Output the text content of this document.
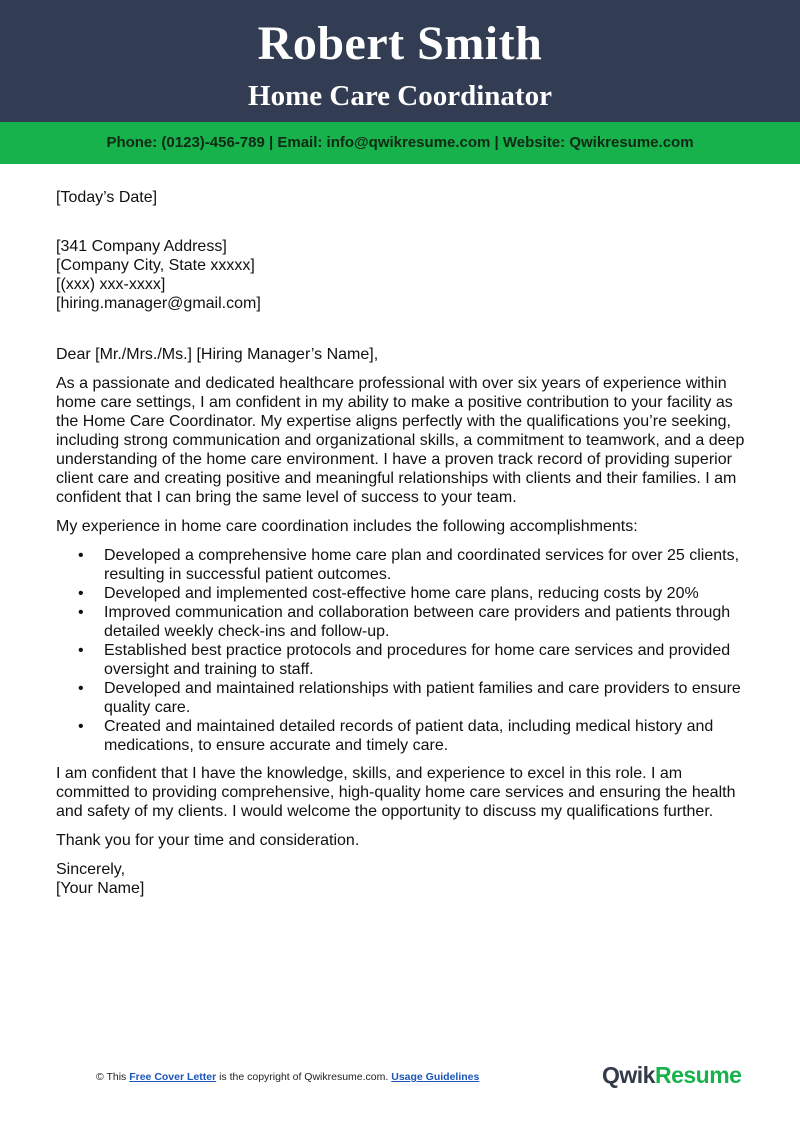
Robert Smith
Home Care Coordinator
Phone: (0123)-456-789 | Email: info@qwikresume.com | Website: Qwikresume.com
[Today’s Date]
[341 Company Address]
[Company City, State xxxxx]
[(xxx) xxx-xxxx]
[hiring.manager@gmail.com]

Dear [Mr./Mrs./Ms.] [Hiring Manager’s Name],

As a passionate and dedicated healthcare professional with over six years of experience within home care settings, I am confident in my ability to make a positive contribution to your facility as the Home Care Coordinator. My expertise aligns perfectly with the qualifications you’re seeking, including strong communication and organizational skills, a commitment to teamwork, and a deep understanding of the home care environment. I have a proven track record of providing superior client care and creating positive and meaningful relationships with clients and their families. I am confident that I can bring the same level of success to your team.

My experience in home care coordination includes the following accomplishments:

• Developed a comprehensive home care plan and coordinated services for over 25 clients, resulting in successful patient outcomes.
• Developed and implemented cost-effective home care plans, reducing costs by 20%
• Improved communication and collaboration between care providers and patients through detailed weekly check-ins and follow-up.
• Established best practice protocols and procedures for home care services and provided oversight and training to staff.
• Developed and maintained relationships with patient families and care providers to ensure quality care.
• Created and maintained detailed records of patient data, including medical history and medications, to ensure accurate and timely care.

I am confident that I have the knowledge, skills, and experience to excel in this role. I am committed to providing comprehensive, high-quality home care services and ensuring the health and safety of my clients. I would welcome the opportunity to discuss my qualifications further.

Thank you for your time and consideration.

Sincerely,
[Your Name]
© This Free Cover Letter is the copyright of Qwikresume.com. Usage Guidelines	QwikResume
